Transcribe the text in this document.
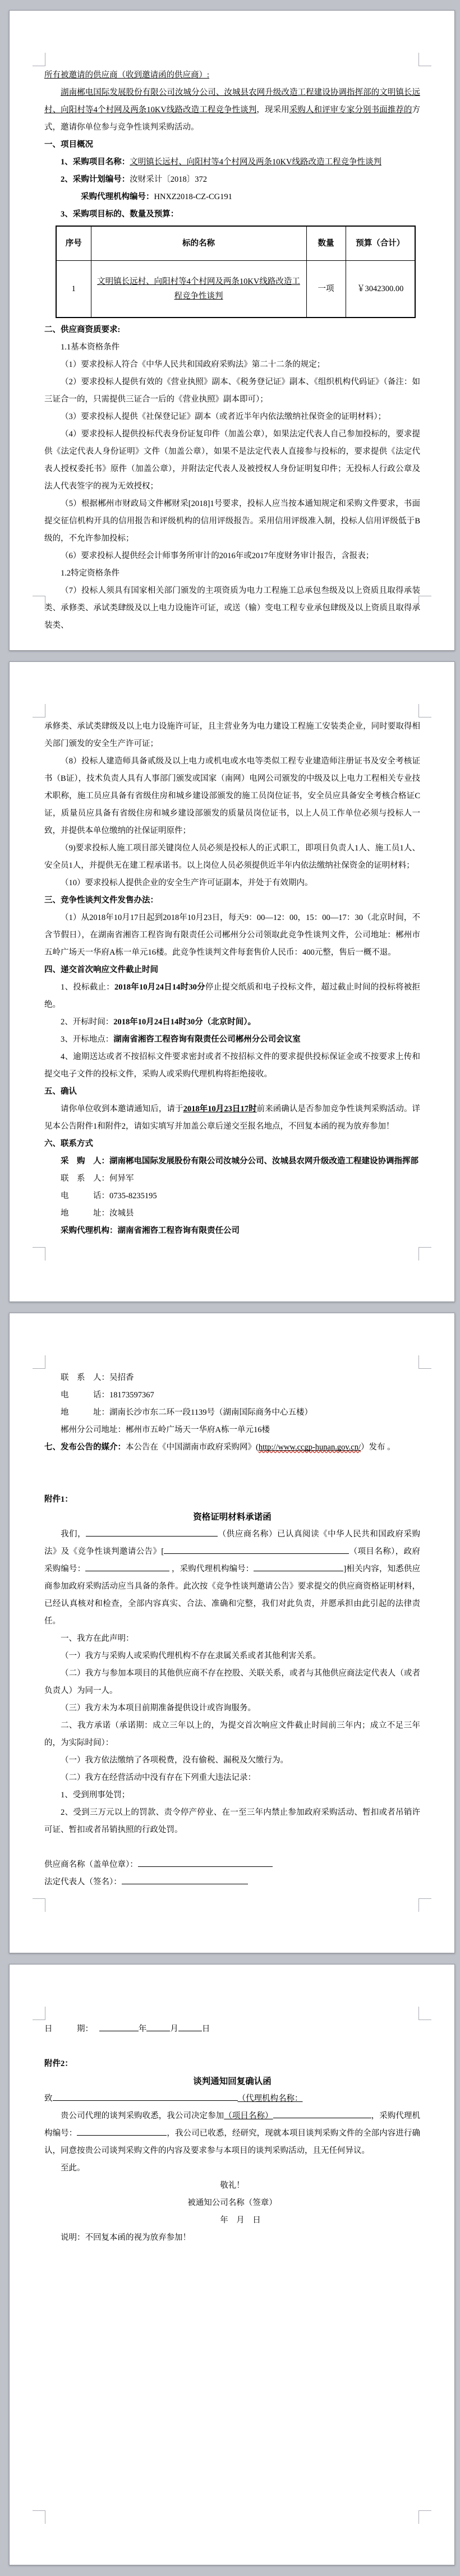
所有被邀请的供应商（收到邀请函的供应商）:
湖南郴电国际发展股份有限公司汝城分公司、汝城县农网升级改造工程建设协调指挥部的文明镇长远村、向阳村等4个村网及两条10KV线路改造工程竞争性谈判，现采用采购人和评审专家分别书面推荐的方式，邀请你单位参与竞争性谈判采购活动。
一、项目概况
1、采购项目名称：文明镇长远村、向阳村等4个村网及两条10KV线路改造工程竞争性谈判
2、采购计划编号：汝财采计〔2018〕372
采购代理机构编号：HNXZ2018-CZ-CG191
3、采购项目标的、数量及预算：
序号	标的名称	数量	预算（合计）
1	文明镇长远村、向阳村等4个村网及两条10KV线路改造工程竞争性谈判	一项	￥3042300.00
二、供应商资质要求:
1.1基本资格条件
（1）要求投标人符合《中华人民共和国政府采购法》第二十二条的规定；
（2）要求投标人提供有效的《营业执照》副本、《税务登记证》副本、《组织机构代码证》（备注：如三证合一的，只需提供三证合一后的《营业执照》副本即可）；
（3）要求投标人提供《社保登记证》副本（或者近半年内依法缴纳社保资金的证明材料）；
（4）要求投标人提供投标代表身份证复印件（加盖公章），如果法定代表人自己参加投标的，要求提供《法定代表人身份证明》文件（加盖公章），如果不是法定代表人直接参与投标的，要求提供《法定代表人授权委托书》原件（加盖公章），并附法定代表人及被授权人身份证明复印件；无投标人行政公章及法人代表签字的视为无效授权；
（5）根据郴州市财政局文件郴财采[2018]1号要求，投标人应当按本通知规定和采购文件要求，书面提交征信机构开具的信用报告和评级机构的信用评级报告。采用信用评级准入制，投标人信用评级低于B级的，不允许参加投标；
（6）要求投标人提供经会计师事务所审计的2016年或2017年度财务审计报告，含报表；
1.2特定资格条件
（7）投标人须具有国家相关部门颁发的主项资质为电力工程施工总承包叁级及以上资质且取得承装类、承修类、承试类肆级及以上电力设施许可证，或送（输）变电工程专业承包肆级及以上资质且取得承装类、
承修类、承试类肆级及以上电力设施许可证，且主营业务为电力建设工程施工安装类企业，同时要取得相关部门颁发的安全生产许可证；
（8）投标人建造师具备贰级及以上电力或机电或水电等类似工程专业建造师注册证书及安全考核证书（B证），技术负责人具有人事部门颁发或国家（南网）电网公司颁发的中级及以上电力工程相关专业技术职称，施工员应具备有省级住房和城乡建设部颁发的施工员岗位证书，安全员应具备安全考核合格证C证，质量员应具备有省级住房和城乡建设部颁发的质量员岗位证书，以上人员工作单位必须与投标人一致，并提供本单位缴纳的社保证明原件；
（9)要求投标人施工项目部关键岗位人员必须是投标人的正式职工，即项目负责人1人、施工员1人、安全员1人，并提供无在建工程承诺书。以上岗位人员必须提供近半年内依法缴纳社保资金的证明材料；
（10）要求投标人提供企业的安全生产许可证副本，并处于有效期内。
三、竞争性谈判文件发售办法：
（1）从2018年10月17日起到2018年10月23日，每天9：00—12：00，15：00—17：30（北京时间，不含节假日），在湖南省湘咨工程咨询有限责任公司郴州分公司领取此竞争性谈判文件，公司地址：郴州市五岭广场天一华府A栋一单元16楼。此竞争性谈判文件每套售价人民币：400元整，售后一概不退。
四、递交首次响应文件截止时间
1、投标截止：2018年10月24日14时30分停止提交纸质和电子投标文件，超过截止时间的投标将被拒绝。
2、开标时间：2018年10月24日14时30分（北京时间）。
3、开标地点：湖南省湘咨工程咨询有限责任公司郴州分公司会议室
4、逾期送达或者不按招标文件要求密封或者不按招标文件的要求提供投标保证金或不按要求上传和提交电子文件的投标文件，采购人或采购代理机构将拒绝接收。
五、确认
请你单位收到本邀请通知后，请于2018年10月23日17时前来函确认是否参加竞争性谈判采购活动。详见本公告附件1和附件2，请如实填写并加盖公章后递交至报名地点，不回复本函的视为放弃参加！
六、联系方式
采　购　人：湖南郴电国际发展股份有限公司汝城分公司、汝城县农网升级改造工程建设协调指挥部
联　系　人：何异军
电　　　话：0735-8235195
地　　　址：汝城县
采购代理机构：湖南省湘咨工程咨询有限责任公司
联　系　人：吴招香
电　　　话：18173597367
地　　　址：湖南长沙市东二环一段1139号（湖南国际商务中心五楼）
郴州分公司地址：郴州市五岭广场天一华府A栋一单元16楼
七、发布公告的媒介：本公告在《中国湖南市政府采购网》(http://www.ccgp-hunan.gov.cn/）发布 。

附件1：
资格证明材料承诺函
我们，	（供应商名称）已认真阅读《中华人民共和国政府采购法》及《竞争性谈判邀请公告》[	（项目名称），政府采购编号：	，采购代理机构编号：	]相关内容，知悉供应商参加政府采购活动应当具备的条件。此次按《竞争性谈判邀请公告》要求提交的供应商资格证明材料，已经认真核对和检查，全部内容真实、合法、准确和完整，我们对此负责，并愿承担由此引起的法律责任。
一、我方在此声明：
（一）我方与采购人或采购代理机构不存在隶属关系或者其他利害关系。
（二）我方与参加本项目的其他供应商不存在控股、关联关系，或者与其他供应商法定代表人（或者负责人）为同一人。
（三）我方未为本项目前期准备提供设计或咨询服务。
二、我方承诺（承诺期：成立三年以上的，为提交首次响应文件截止时间前三年内；成立不足三年的，为实际时间）：
（一）我方依法缴纳了各项税费，没有偷税、漏税及欠缴行为。
（二）我方在经营活动中没有存在下列重大违法记录：
1、受到刑事处罚；
2、受到三万元以上的罚款、责令停产停业、在一至三年内禁止参加政府采购活动、暂扣或者吊销许可证、暂扣或者吊销执照的行政处罚。

供应商名称（盖单位章）：
法定代表人（签名）：
日　　　期：　	年	月	日

附件2：
谈判通知回复确认函
致	（代理机构名称：
贵公司代理的谈判采购收悉，我公司决定参加（项目名称）	，采购代理机构编号：	，我公司已收悉，经研究，现就本项目谈判采购文件的全部内容进行确认，同意按贵公司谈判采购文件的内容及要求参与本项目的谈判采购活动，且无任何异议。
至此。
敬礼！
被通知公司名称（签章）
　　年　月　日
说明：不回复本函的视为放弃参加！
